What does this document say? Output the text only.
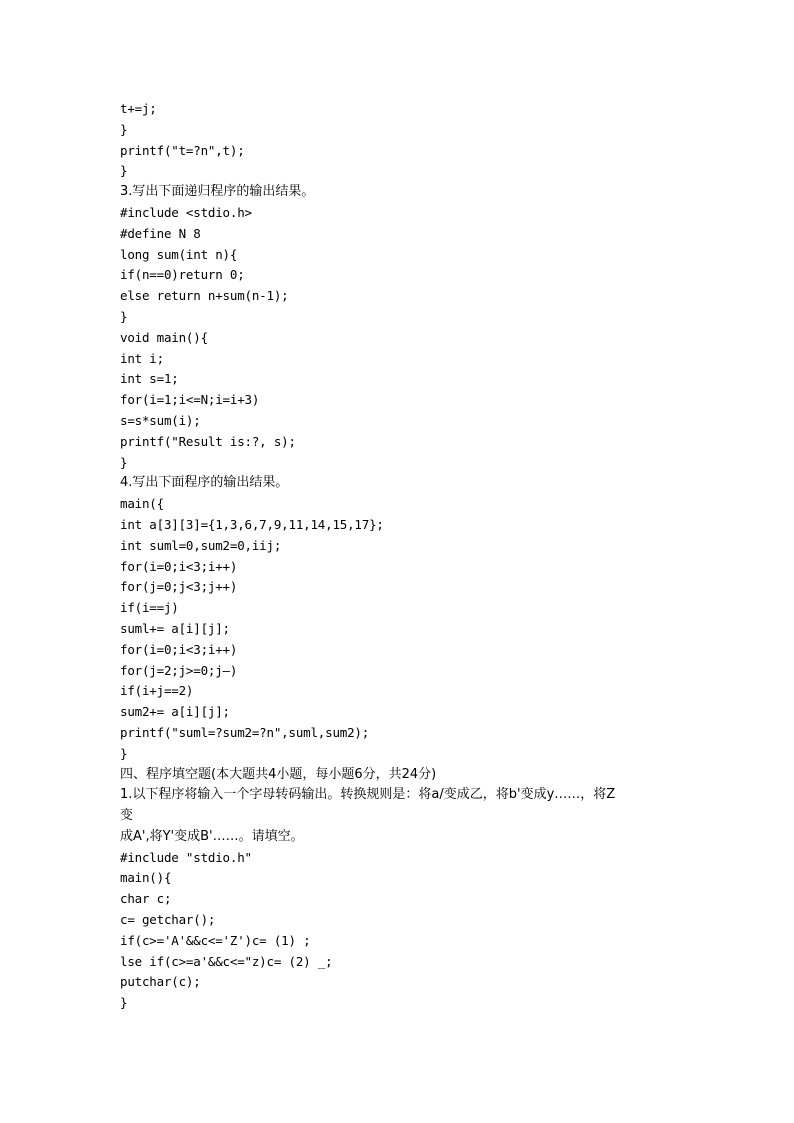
t+=j;
}
printf("t=?n",t);
}
3.写出下面递归程序的输出结果。
#include <stdio.h>
#define N 8
long sum(int n){
if(n==0)return 0;
else return n+sum(n-1);
}
void main(){
int i;
int s=1;
for(i=1;i<=N;i=i+3)
s=s*sum(i);
printf("Result is:?, s);
}
4.写出下面程序的输出结果。
main({
int a[3][3]={1,3,6,7,9,11,14,15,17};
int suml=0,sum2=0,iij;
for(i=0;i<3;i++)
for(j=0;j<3;j++)
if(i==j)
suml+= a[i][j];
for(i=0;i<3;i++)
for(j=2;j>=0;j—)
if(i+j==2)
sum2+= a[i][j];
printf("suml=?sum2=?n",suml,sum2);
}
四、程序填空题(本大题共4小题，每小题6分，共24分)
1.以下程序将输入一个字母转码输出。转换规则是：将a/变成乙，将b'变成y……，将Z
变
成A',将Y'变成B'……。请填空。
#include "stdio.h"
main(){
char c;
c= getchar();
if(c>='A'&&c<='Z')c= (1) ;
lse if(c>=a'&&c<="z)c= (2) _;
putchar(c);
}
